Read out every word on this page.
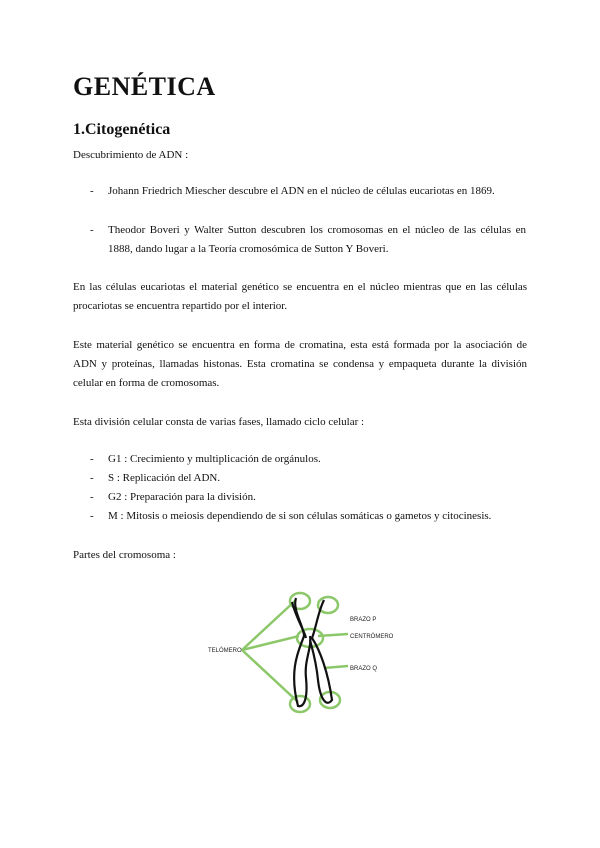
GENÉTICA
1.Citogenética
Descubrimiento de ADN :
- Johann Friedrich Miescher descubre el ADN en el núcleo de células eucariotas en 1869.
- Theodor Boveri y Walter Sutton descubren los cromosomas en el núcleo de las células en 1888, dando lugar a la Teoría cromosómica de Sutton Y Boveri.

En las células eucariotas el material genético se encuentra en el núcleo mientras que en las células procariotas se encuentra repartido por el interior.

Este material genético se encuentra en forma de cromatina, esta está formada por la asociación de ADN y proteínas, llamadas histonas. Esta cromatina se condensa y empaqueta durante la división celular en forma de cromosomas.

Esta división celular consta de varias fases, llamado ciclo celular :

- G1 : Crecimiento y multiplicación de orgánulos.
- S : Replicación del ADN.
- G2 : Preparación para la división.
- M : Mitosis o meiosis dependiendo de si son células somáticas o gametos y citocinesis.
Partes del cromosoma :
TELÓMERO
BRAZO P
CENTRÓMERO
BRAZO Q
